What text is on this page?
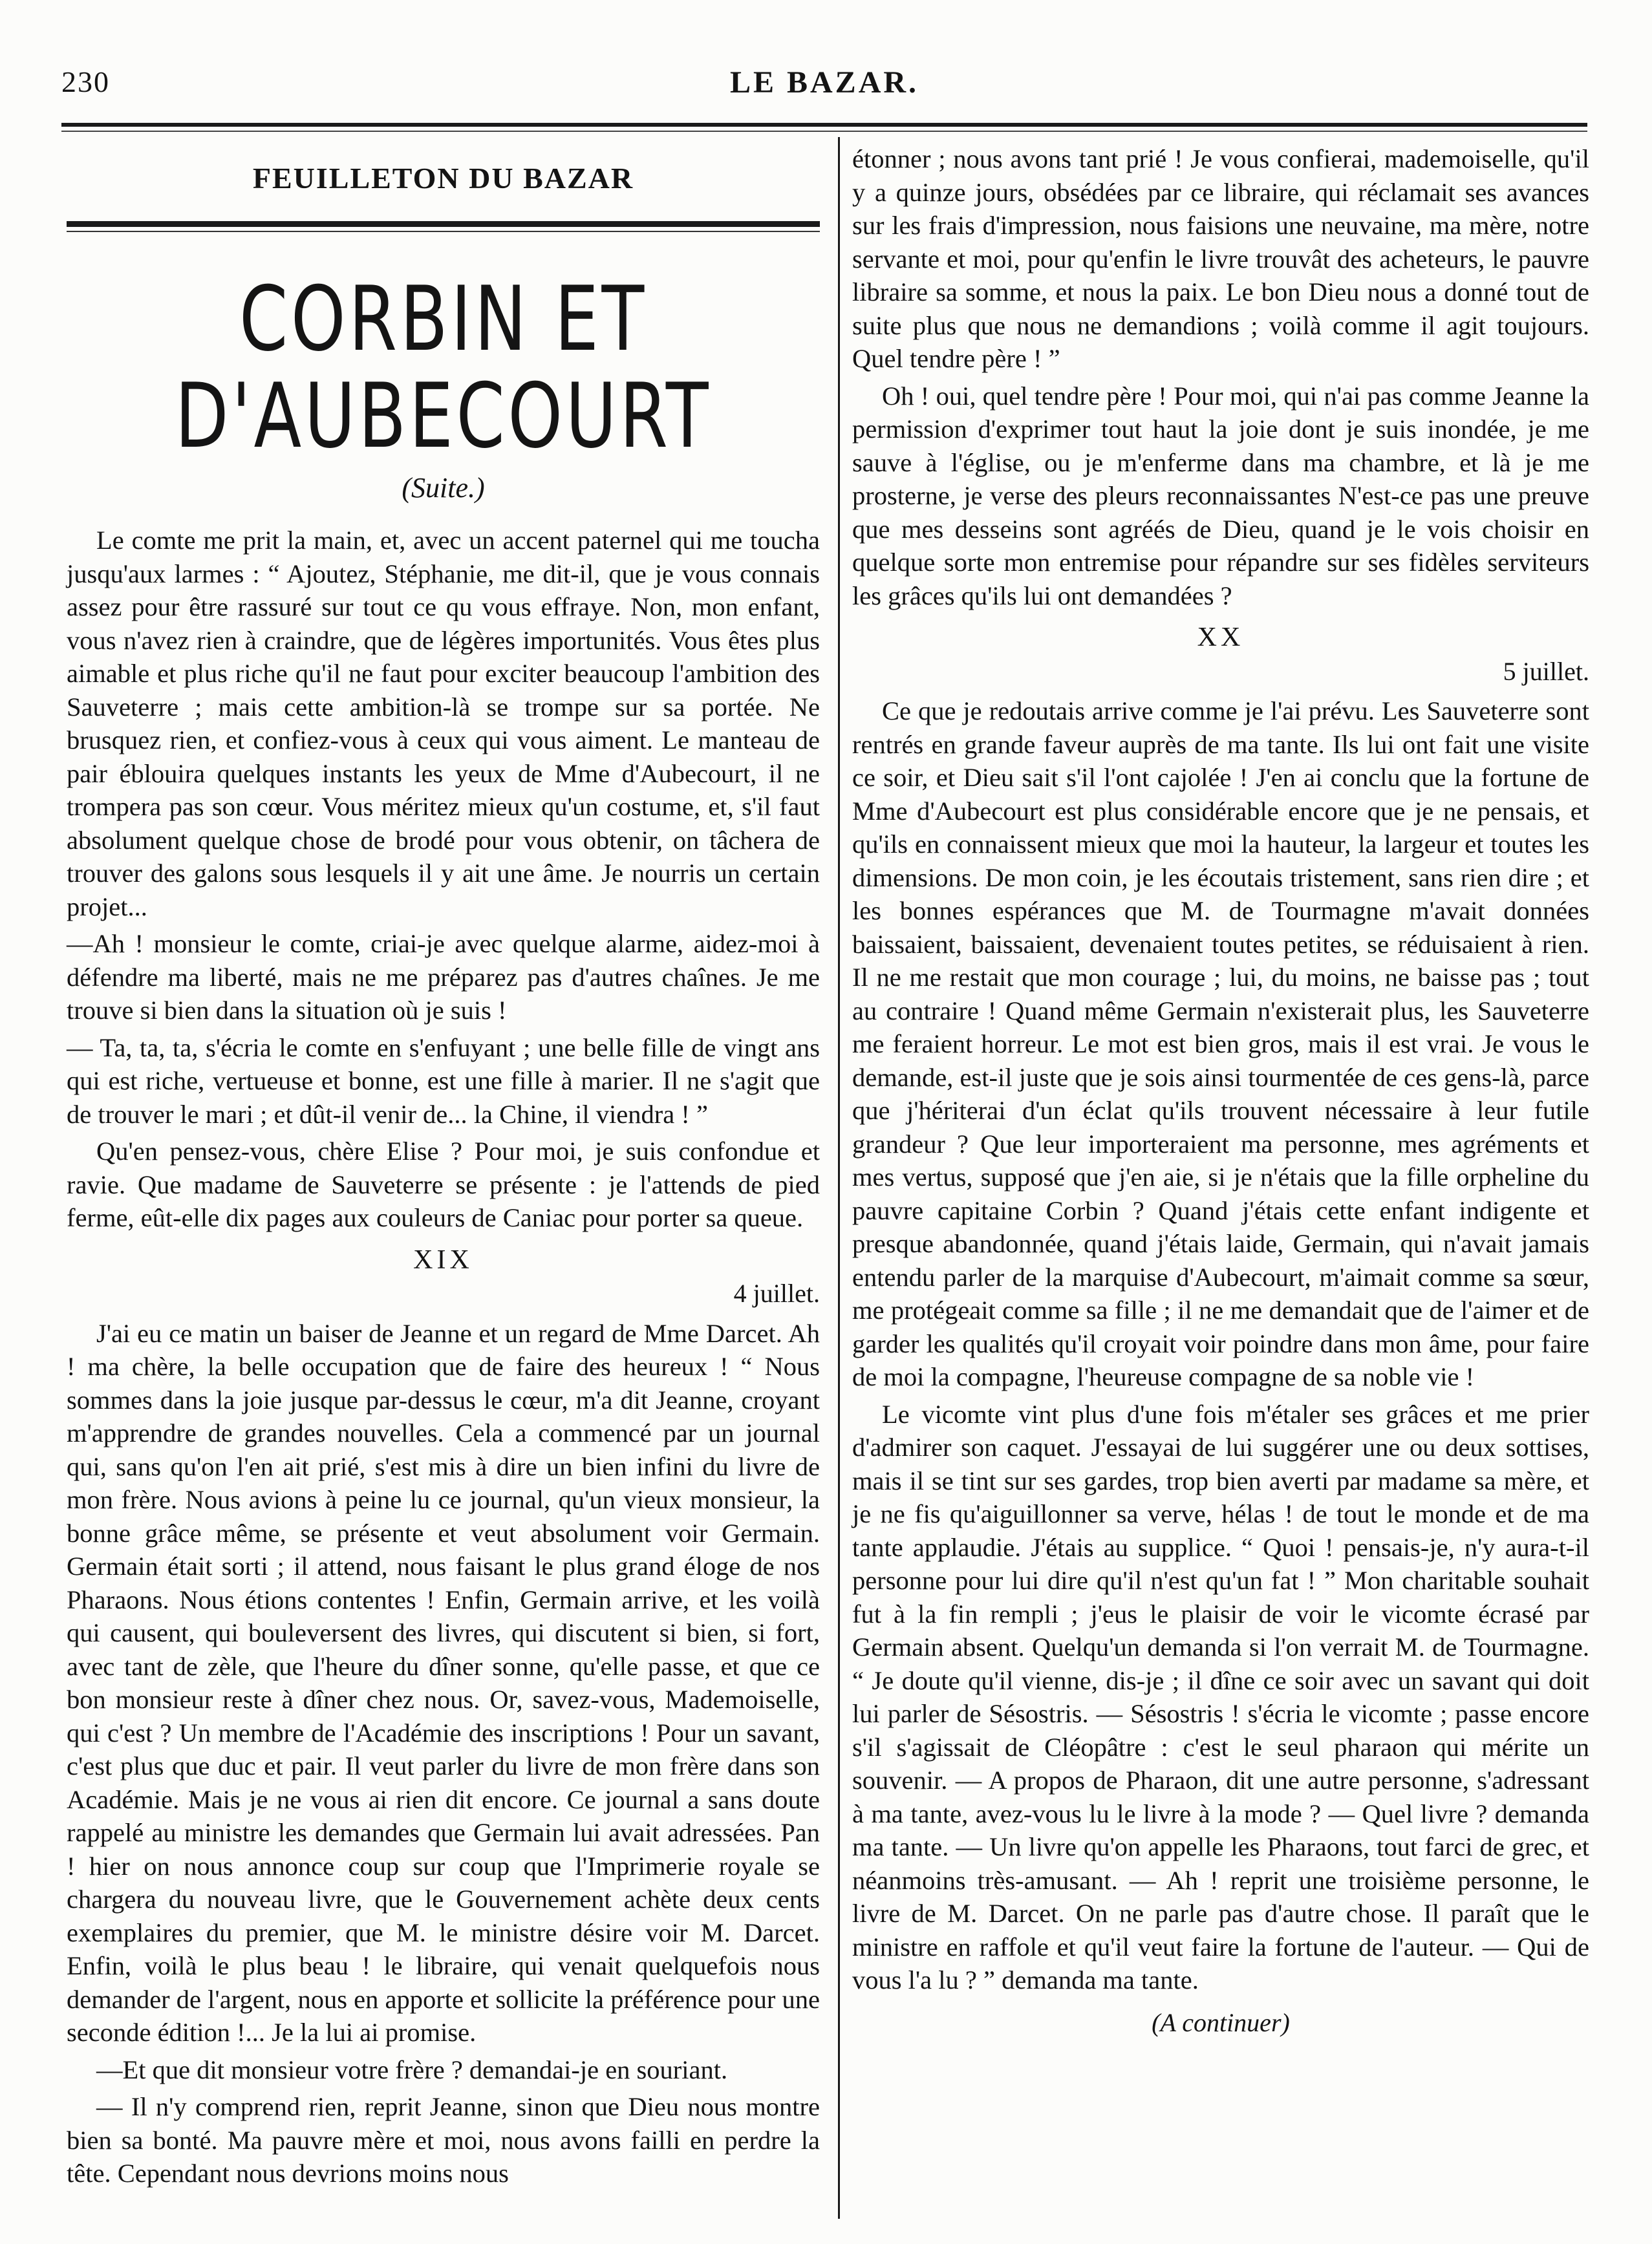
230	LE BAZAR.
FEUILLETON DU BAZAR
CORBIN ET D'AUBECOURT
(Suite.)

Le comte me prit la main, et, avec un accent paternel qui me toucha jusqu'aux larmes : “ Ajoutez, Stéphanie, me dit-il, que je vous connais assez pour être rassuré sur tout ce qu vous effraye. Non, mon enfant, vous n'avez rien à craindre, que de légères importunités. Vous êtes plus aimable et plus riche qu'il ne faut pour exciter beaucoup l'ambition des Sauveterre ; mais cette ambition-là se trompe sur sa portée. Ne brusquez rien, et confiez-vous à ceux qui vous aiment. Le manteau de pair éblouira quelques instants les yeux de Mme d'Aubecourt, il ne trompera pas son cœur. Vous méritez mieux qu'un costume, et, s'il faut absolument quelque chose de brodé pour vous obtenir, on tâchera de trouver des galons sous lesquels il y ait une âme. Je nourris un certain projet...

—Ah ! monsieur le comte, criai-je avec quelque alarme, aidez-moi à défendre ma liberté, mais ne me préparez pas d'autres chaînes. Je me trouve si bien dans la situation où je suis !

— Ta, ta, ta, s'écria le comte en s'enfuyant ; une belle fille de vingt ans qui est riche, vertueuse et bonne, est une fille à marier. Il ne s'agit que de trouver le mari ; et dût-il venir de... la Chine, il viendra ! ”

Qu'en pensez-vous, chère Elise ? Pour moi, je suis confondue et ravie. Que madame de Sauveterre se présente : je l'attends de pied ferme, eût-elle dix pages aux couleurs de Caniac pour porter sa queue.

XIX
4 juillet.

J'ai eu ce matin un baiser de Jeanne et un regard de Mme Darcet. Ah ! ma chère, la belle occupation que de faire des heureux ! “ Nous sommes dans la joie jusque par-dessus le cœur, m'a dit Jeanne, croyant m'apprendre de grandes nouvelles. Cela a commencé par un journal qui, sans qu'on l'en ait prié, s'est mis à dire un bien infini du livre de mon frère. Nous avions à peine lu ce journal, qu'un vieux monsieur, la bonne grâce même, se présente et veut absolument voir Germain. Germain était sorti ; il attend, nous faisant le plus grand éloge de nos Pharaons. Nous étions contentes ! Enfin, Germain arrive, et les voilà qui causent, qui bouleversent des livres, qui discutent si bien, si fort, avec tant de zèle, que l'heure du dîner sonne, qu'elle passe, et que ce bon monsieur reste à dîner chez nous. Or, savez-vous, Mademoiselle, qui c'est ? Un membre de l'Académie des inscriptions ! Pour un savant, c'est plus que duc et pair. Il veut parler du livre de mon frère dans son Académie. Mais je ne vous ai rien dit encore. Ce journal a sans doute rappelé au ministre les demandes que Germain lui avait adressées. Pan ! hier on nous annonce coup sur coup que l'Imprimerie royale se chargera du nouveau livre, que le Gouvernement achète deux cents exemplaires du premier, que M. le ministre désire voir M. Darcet. Enfin, voilà le plus beau ! le libraire, qui venait quelquefois nous demander de l'argent, nous en apporte et sollicite la préférence pour une seconde édition !... Je la lui ai promise.

—Et que dit monsieur votre frère ? demandai-je en souriant.

— Il n'y comprend rien, reprit Jeanne, sinon que Dieu nous montre bien sa bonté. Ma pauvre mère et moi, nous avons failli en perdre la tête. Cependant nous devrions moins nous

étonner ; nous avons tant prié ! Je vous confierai, mademoiselle, qu'il y a quinze jours, obsédées par ce libraire, qui réclamait ses avances sur les frais d'impression, nous faisions une neuvaine, ma mère, notre servante et moi, pour qu'enfin le livre trouvât des acheteurs, le pauvre libraire sa somme, et nous la paix. Le bon Dieu nous a donné tout de suite plus que nous ne demandions ; voilà comme il agit toujours. Quel tendre père ! ”

Oh ! oui, quel tendre père ! Pour moi, qui n'ai pas comme Jeanne la permission d'exprimer tout haut la joie dont je suis inondée, je me sauve à l'église, ou je m'enferme dans ma chambre, et là je me prosterne, je verse des pleurs reconnaissantes N'est-ce pas une preuve que mes desseins sont agréés de Dieu, quand je le vois choisir en quelque sorte mon entremise pour répandre sur ses fidèles serviteurs les grâces qu'ils lui ont demandées ?

XX
5 juillet.

Ce que je redoutais arrive comme je l'ai prévu. Les Sauveterre sont rentrés en grande faveur auprès de ma tante. Ils lui ont fait une visite ce soir, et Dieu sait s'il l'ont cajolée ! J'en ai conclu que la fortune de Mme d'Aubecourt est plus considérable encore que je ne pensais, et qu'ils en connaissent mieux que moi la hauteur, la largeur et toutes les dimensions. De mon coin, je les écoutais tristement, sans rien dire ; et les bonnes espérances que M. de Tourmagne m'avait données baissaient, baissaient, devenaient toutes petites, se réduisaient à rien. Il ne me restait que mon courage ; lui, du moins, ne baisse pas ; tout au contraire ! Quand même Germain n'existerait plus, les Sauveterre me feraient horreur. Le mot est bien gros, mais il est vrai. Je vous le demande, est-il juste que je sois ainsi tourmentée de ces gens-là, parce que j'hériterai d'un éclat qu'ils trouvent nécessaire à leur futile grandeur ? Que leur importeraient ma personne, mes agréments et mes vertus, supposé que j'en aie, si je n'étais que la fille orpheline du pauvre capitaine Corbin ? Quand j'étais cette enfant indigente et presque abandonnée, quand j'étais laide, Germain, qui n'avait jamais entendu parler de la marquise d'Aubecourt, m'aimait comme sa sœur, me protégeait comme sa fille ; il ne me demandait que de l'aimer et de garder les qualités qu'il croyait voir poindre dans mon âme, pour faire de moi la compagne, l'heureuse compagne de sa noble vie !

Le vicomte vint plus d'une fois m'étaler ses grâces et me prier d'admirer son caquet. J'essayai de lui suggérer une ou deux sottises, mais il se tint sur ses gardes, trop bien averti par madame sa mère, et je ne fis qu'aiguillonner sa verve, hélas ! de tout le monde et de ma tante applaudie. J'étais au supplice. “ Quoi ! pensais-je, n'y aura-t-il personne pour lui dire qu'il n'est qu'un fat ! ” Mon charitable souhait fut à la fin rempli ; j'eus le plaisir de voir le vicomte écrasé par Germain absent. Quelqu'un demanda si l'on verrait M. de Tourmagne. “ Je doute qu'il vienne, dis-je ; il dîne ce soir avec un savant qui doit lui parler de Sésostris. — Sésostris ! s'écria le vicomte ; passe encore s'il s'agissait de Cléopâtre : c'est le seul pharaon qui mérite un souvenir. — A propos de Pharaon, dit une autre personne, s'adressant à ma tante, avez-vous lu le livre à la mode ? — Quel livre ? demanda ma tante. — Un livre qu'on appelle les Pharaons, tout farci de grec, et néanmoins très-amusant. — Ah ! reprit une troisième personne, le livre de M. Darcet. On ne parle pas d'autre chose. Il paraît que le ministre en raffole et qu'il veut faire la fortune de l'auteur. — Qui de vous l'a lu ? ” demanda ma tante.

(A continuer)
